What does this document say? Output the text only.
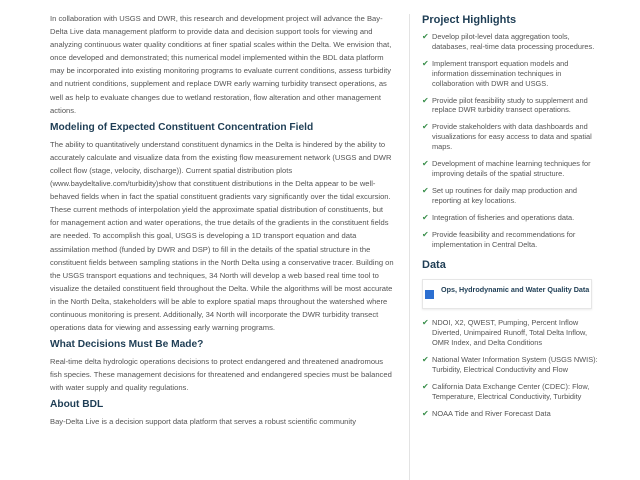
In collaboration with USGS and DWR, this research and development project will advance the Bay-Delta Live data management platform to provide data and decision support tools for viewing and analyzing continuous water quality conditions at finer spatial scales within the Delta. We envision that, once developed and demonstrated; this numerical model implemented within the BDL data platform may be incorporated into existing monitoring programs to evaluate current conditions, assess turbidity and nutrient conditions, supplement and replace DWR early warning turbidity transect operations, as well as help to evaluate changes due to wetland restoration, flow alteration and other management actions.

Modeling of Expected Constituent Concentration Field

The ability to quantitatively understand constituent dynamics in the Delta is hindered by the ability to accurately calculate and visualize data from the existing flow measurement network (USGS and DWR collect flow (stage, velocity, discharge)). Current spatial distribution plots (www.baydeltalive.com/turbidity)show that constituent distributions in the Delta appear to be well-behaved fields when in fact the spatial constituent gradients vary significantly over the tidal excursion. These current methods of interpolation yield the approximate spatial distribution of constituents, but for management action and water operations, the true details of the gradients in the constituent fields are needed. To accomplish this goal, USGS is developing a 1D transport equation and data assimilation method (funded by DWR and DSP) to fill in the details of the spatial structure in the constituent fields between sampling stations in the North Delta using a conservative tracer. Building on the USGS transport equations and techniques, 34 North will develop a web based real time tool to visualize the detailed constituent field throughout the Delta. While the algorithms will be most accurate in the North Delta, stakeholders will be able to explore spatial maps throughout the watershed where continuous monitoring is present. Additionally, 34 North will incorporate the DWR turbidity transect operations data for viewing and assessing early warning programs.

What Decisions Must Be Made?

Real-time delta hydrologic operations decisions to protect endangered and threatened anadromous fish species. These management decisions for threatened and endangered species must be balanced with water supply and quality regulations.

About BDL

Bay-Delta Live is a decision support data platform that serves a robust scientific community

Project Highlights
✔ Develop pilot-level data aggregation tools, databases, real-time data processing procedures.
✔ Implement transport equation models and information dissemination techniques in collaboration with DWR and USGS.
✔ Provide pilot feasibility study to supplement and replace DWR turbidity transect operations.
✔ Provide stakeholders with data dashboards and visualizations for easy access to data and spatial maps.
✔ Development of machine learning techniques for improving details of the spatial structure.
✔ Set up routines for daily map production and reporting at key locations.
✔ Integration of fisheries and operations data.
✔ Provide feasibility and recommendations for implementation in Central Delta.
Data
Ops, Hydrodynamic and Water Quality Data
✔ NDOI, X2, QWEST, Pumping, Percent Inflow Diverted, Unimpaired Runoff, Total Delta Inflow, OMR Index, and Delta Conditions
✔ National Water Information System (USGS NWIS): Turbidity, Electrical Conductivity and Flow
✔ California Data Exchange Center (CDEC): Flow, Temperature, Electrical Conductivity, Turbidity
✔ NOAA Tide and River Forecast Data
